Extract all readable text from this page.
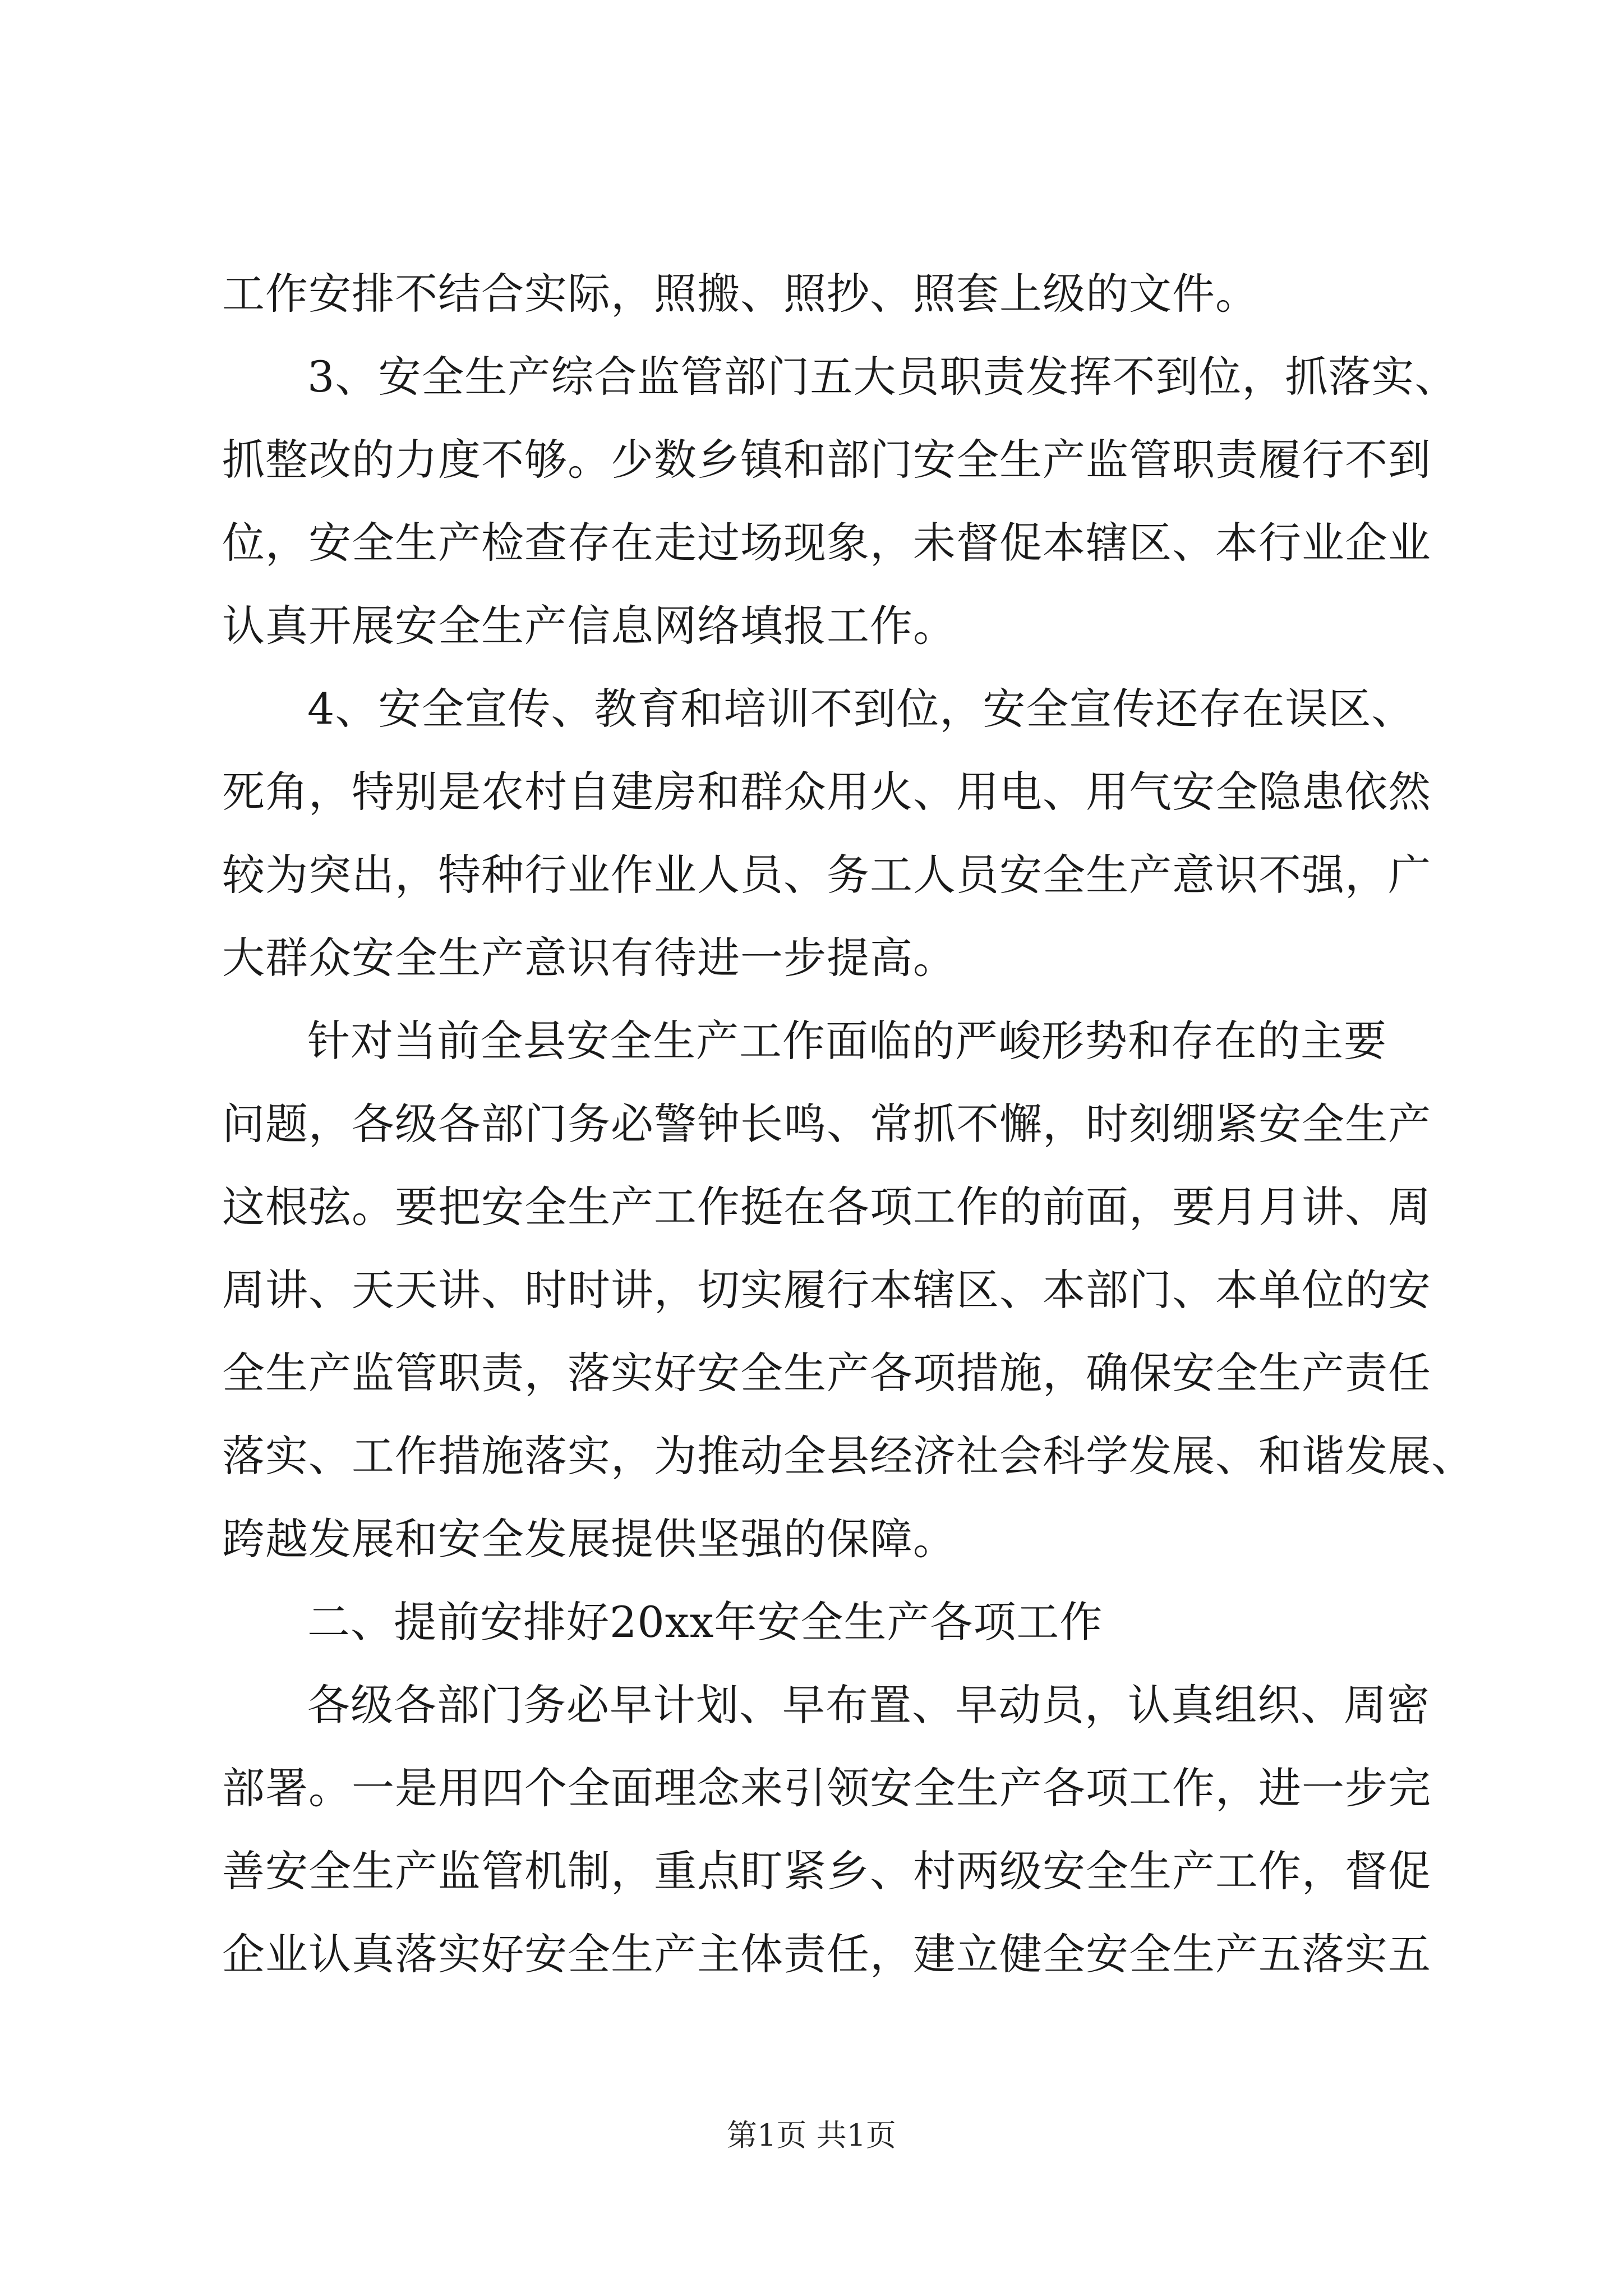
工作安排不结合实际，照搬、照抄、照套上级的文件。
3、安全生产综合监管部门五大员职责发挥不到位，抓落实、
抓整改的力度不够。少数乡镇和部门安全生产监管职责履行不到
位，安全生产检查存在走过场现象，未督促本辖区、本行业企业
认真开展安全生产信息网络填报工作。
4、安全宣传、教育和培训不到位，安全宣传还存在误区、
死角，特别是农村自建房和群众用火、用电、用气安全隐患依然
较为突出，特种行业作业人员、务工人员安全生产意识不强，广
大群众安全生产意识有待进一步提高。
针对当前全县安全生产工作面临的严峻形势和存在的主要
问题，各级各部门务必警钟长鸣、常抓不懈，时刻绷紧安全生产
这根弦。要把安全生产工作挺在各项工作的前面，要月月讲、周
周讲、天天讲、时时讲，切实履行本辖区、本部门、本单位的安
全生产监管职责，落实好安全生产各项措施，确保安全生产责任
落实、工作措施落实，为推动全县经济社会科学发展、和谐发展、
跨越发展和安全发展提供坚强的保障。
二、提前安排好20xx年安全生产各项工作
各级各部门务必早计划、早布置、早动员，认真组织、周密
部署。一是用四个全面理念来引领安全生产各项工作，进一步完
善安全生产监管机制，重点盯紧乡、村两级安全生产工作，督促
企业认真落实好安全生产主体责任，建立健全安全生产五落实五
第1页 共1页
